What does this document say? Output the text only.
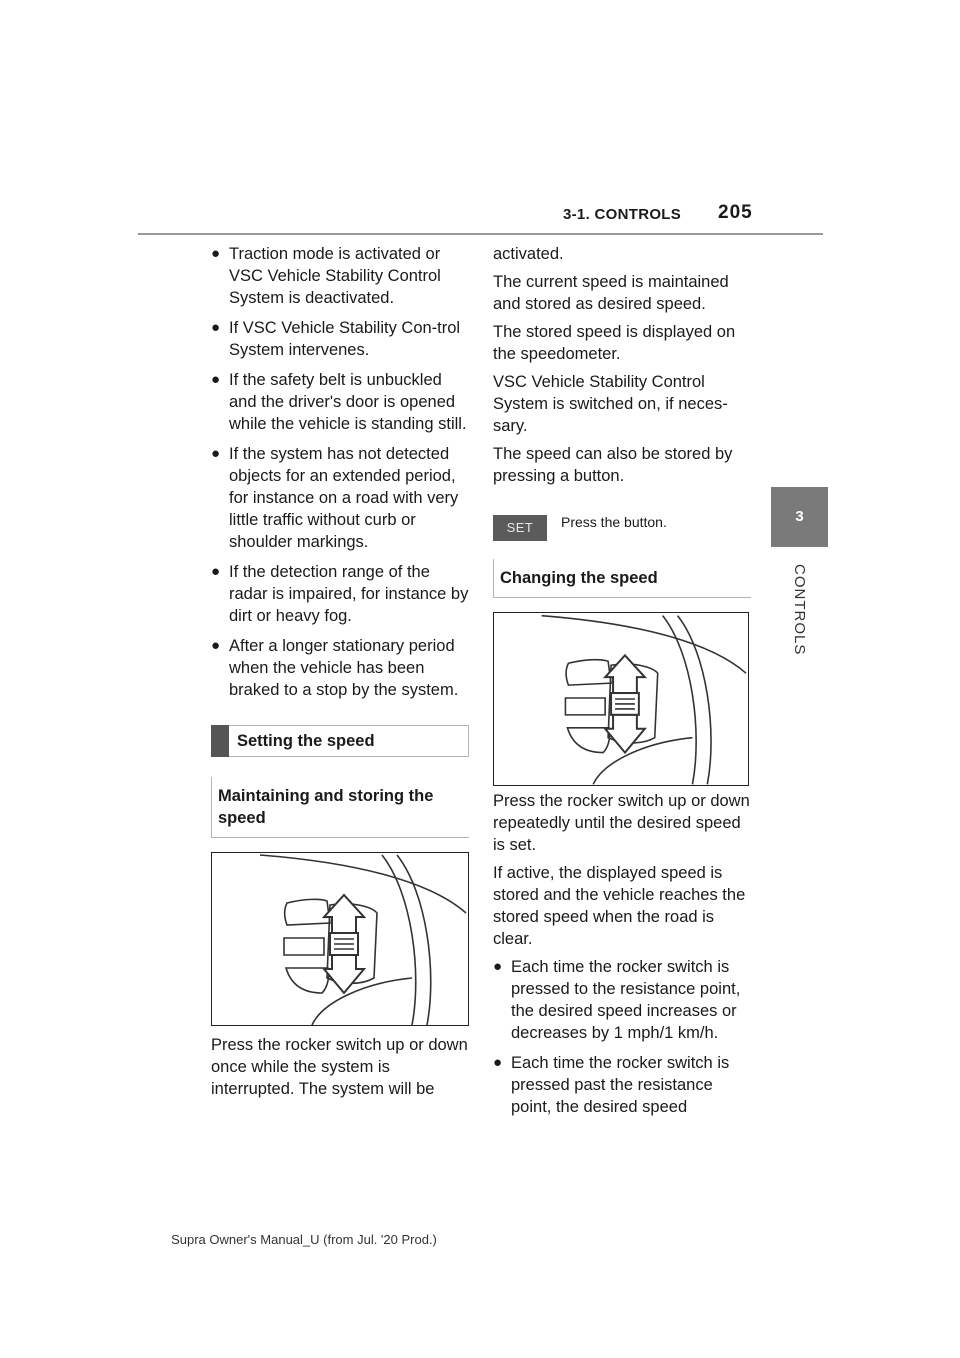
3-1. CONTROLS 205
3
CONTROLS
● Traction mode is activated or VSC Vehicle Stability Control System is deactivated.
● If VSC Vehicle Stability Con-trol System intervenes.
● If the safety belt is unbuckled and the driver's door is opened while the vehicle is standing still.
● If the system has not detected objects for an extended period, for instance on a road with very little traffic without curb or shoulder markings.
● If the detection range of the radar is impaired, for instance by dirt or heavy fog.
● After a longer stationary period when the vehicle has been braked to a stop by the system.
Setting the speed
Maintaining and storing the speed

Press the rocker switch up or down once while the system is interrupted. The system will be

activated.

The current speed is maintained and stored as desired speed.

The stored speed is displayed on the speedometer.

VSC Vehicle Stability Control System is switched on, if neces-sary.

The speed can also be stored by pressing a button.

SET	Press the button.
Changing the speed

Press the rocker switch up or down repeatedly until the desired speed is set.

If active, the displayed speed is stored and the vehicle reaches the stored speed when the road is clear.

● Each time the rocker switch is pressed to the resistance point, the desired speed increases or decreases by 1 mph/1 km/h.
● Each time the rocker switch is pressed past the resistance point, the desired speed
Supra Owner's Manual_U (from Jul. '20 Prod.)
